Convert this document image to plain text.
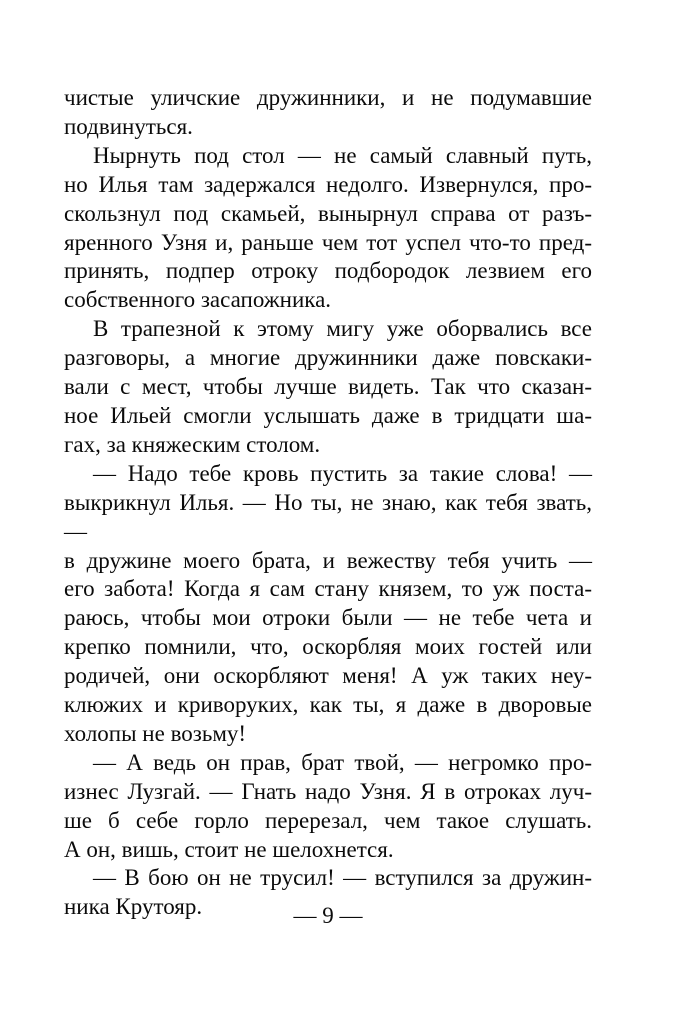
чистые уличские дружинники, и не подумавшие
подвинуться.
Нырнуть под стол — не самый славный путь,
но Илья там задержался недолго. Извернулся, про-
скользнул под скамьей, вынырнул справа от разъ-
яренного Узня и, раньше чем тот успел что-то пред-
принять, подпер отроку подбородок лезвием его
собственного засапожника.
В трапезной к этому мигу уже оборвались все
разговоры, а многие дружинники даже повскаки-
вали с мест, чтобы лучше видеть. Так что сказан-
ное Ильей смогли услышать даже в тридцати ша-
гах, за княжеским столом.
— Надо тебе кровь пустить за такие слова! —
выкрикнул Илья. — Но ты, не знаю, как тебя звать, —
в дружине моего брата, и вежеству тебя учить —
его забота! Когда я сам стану князем, то уж поста-
раюсь, чтобы мои отроки были — не тебе чета и
крепко помнили, что, оскорбляя моих гостей или
родичей, они оскорбляют меня! А уж таких неу-
клюжих и криворуких, как ты, я даже в дворовые
холопы не возьму!
— А ведь он прав, брат твой, — негромко про-
изнес Лузгай. — Гнать надо Узня. Я в отроках луч-
ше б себе горло перерезал, чем такое слушать.
А он, вишь, стоит не шелохнется.
— В бою он не трусил! — вступился за дружин-
ника Крутояр.	— 9 —
